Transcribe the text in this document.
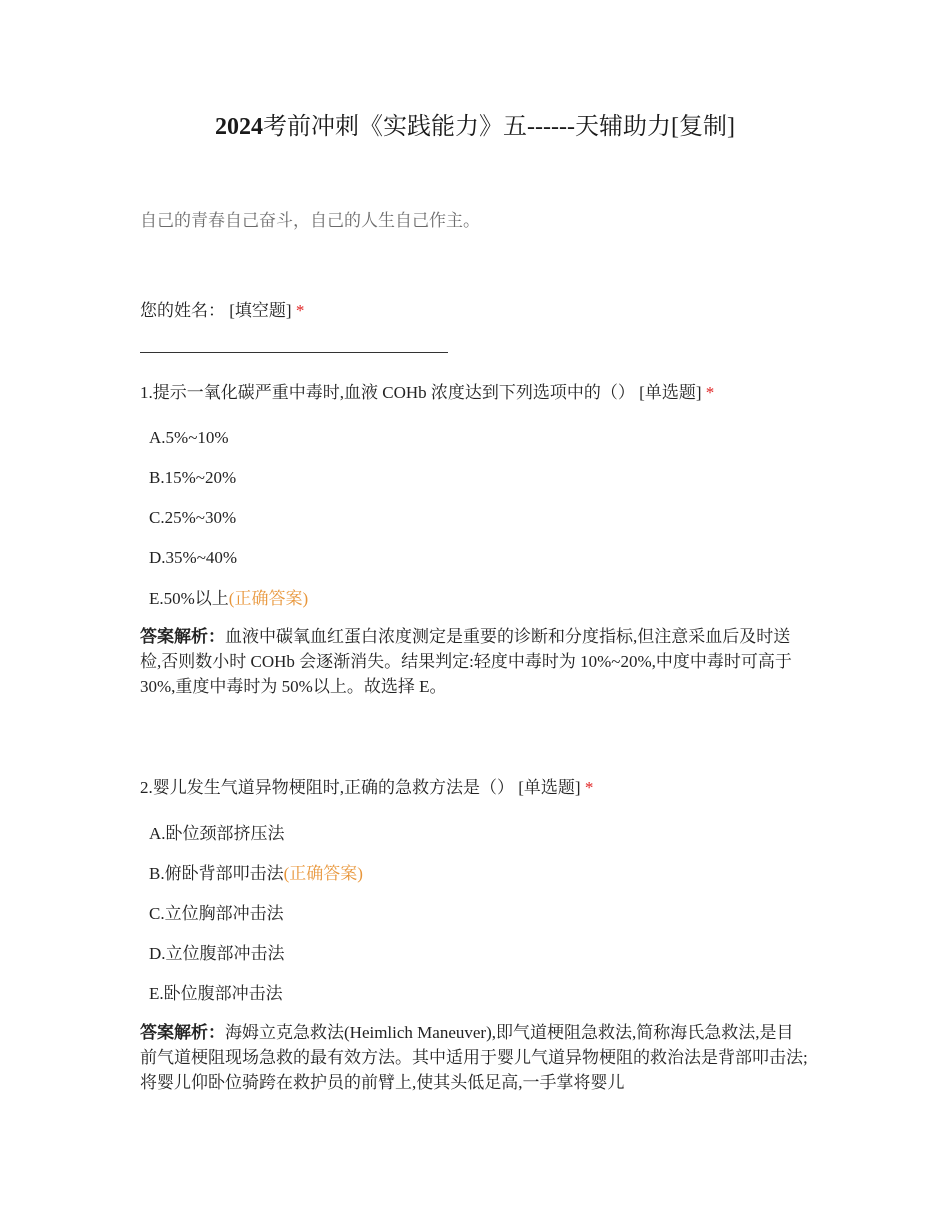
2024考前冲刺《实践能力》五------天辅助力[复制]
自己的青春自己奋斗，自己的人生自己作主。
您的姓名： [填空题] *
1.提示一氧化碳严重中毒时,血液 COHb 浓度达到下列选项中的（） [单选题] *
A.5%~10%
B.15%~20%
C.25%~30%
D.35%~40%
E.50%以上(正确答案)
答案解析：血液中碳氧血红蛋白浓度测定是重要的诊断和分度指标,但注意采血后及时送检,否则数小时 COHb 会逐渐消失。结果判定:轻度中毒时为 10%~20%,中度中毒时可高于 30%,重度中毒时为 50%以上。故选择 E。
2.婴儿发生气道异物梗阻时,正确的急救方法是（） [单选题] *
A.卧位颈部挤压法
B.俯卧背部叩击法(正确答案)
C.立位胸部冲击法
D.立位腹部冲击法
E.卧位腹部冲击法
答案解析：海姆立克急救法(Heimlich Maneuver),即气道梗阻急救法,简称海氏急救法,是目前气道梗阻现场急救的最有效方法。其中适用于婴儿气道异物梗阻的救治法是背部叩击法;将婴儿仰卧位骑跨在救护员的前臂上,使其头低足高,一手掌将婴儿
